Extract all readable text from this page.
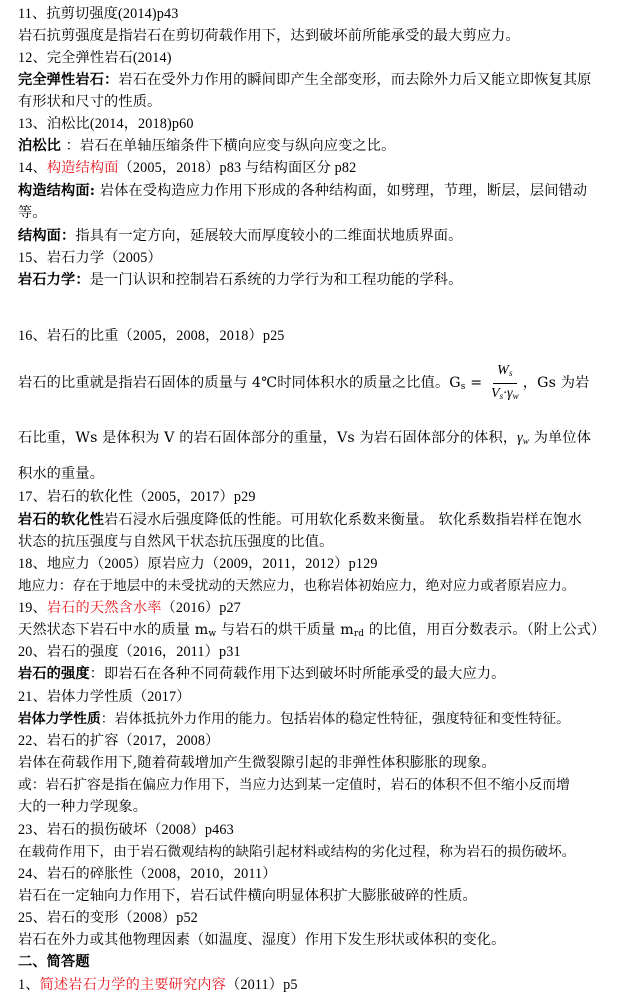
11、抗剪切强度(2014)p43
岩石抗剪强度是指岩石在剪切荷载作用下，达到破坏前所能承受的最大剪应力。
12、完全弹性岩石(2014)
完全弹性岩石：岩石在受外力作用的瞬间即产生全部变形，而去除外力后又能立即恢复其原
有形状和尺寸的性质。
13、泊松比(2014，2018)p60
泊松比 ：岩石在单轴压缩条件下横向应变与纵向应变之比。
14、构造结构面（2005，2018）p83 与结构面区分 p82
构造结构面: 岩体在受构造应力作用下形成的各种结构面，如劈理，节理，断层，层间错动
等。
结构面：指具有一定方向，延展较大而厚度较小的二维面状地质界面。
15、岩石力学（2005）
岩石力学：是一门认识和控制岩石系统的力学行为和工程功能的学科。
16、岩石的比重（2005，2008，2018）p25
岩石的比重就是指岩石固体的质量与 4℃时同体积水的质量之比值。$G_s = \frac{W_s}{V_s\cdot\gamma_w}$ ，Gs 为岩
石比重，Ws 是体积为 V 的岩石固体部分的重量，Vs 为岩石固体部分的体积，$\gamma_w$ 为单位体
积水的重量。
17、岩石的软化性（2005，2017）p29
岩石的软化性岩石浸水后强度降低的性能。可用软化系数来衡量。 软化系数指岩样在饱水
状态的抗压强度与自然风干状态抗压强度的比值。
18、地应力（2005）原岩应力（2009，2011，2012）p129
地应力：存在于地层中的未受扰动的天然应力，也称岩体初始应力，绝对应力或者原岩应力。
19、岩石的天然含水率（2016）p27
天然状态下岩石中水的质量 $m_w$ 与岩石的烘干质量 $m_{rd}$ 的比值，用百分数表示。（附上公式）
20、岩石的强度（2016，2011）p31
岩石的强度：即岩石在各种不同荷载作用下达到破坏时所能承受的最大应力。
21、岩体力学性质（2017）
岩体力学性质：岩体抵抗外力作用的能力。包括岩体的稳定性特征，强度特征和变性特征。
22、岩石的扩容（2017，2008）
岩体在荷载作用下,随着荷载增加产生微裂隙引起的非弹性体积膨胀的现象。
或：岩石扩容是指在偏应力作用下，当应力达到某一定值时，岩石的体积不但不缩小反而增
大的一种力学现象。
23、岩石的损伤破坏（2008）p463
在载荷作用下，由于岩石微观结构的缺陷引起材料或结构的劣化过程，称为岩石的损伤破坏。
24、岩石的碎胀性（2008，2010，2011）
岩石在一定轴向力作用下，岩石试件横向明显体积扩大膨胀破碎的性质。
25、岩石的变形（2008）p52
岩石在外力或其他物理因素（如温度、湿度）作用下发生形状或体积的变化。
二、简答题
1、简述岩石力学的主要研究内容（2011）p5
